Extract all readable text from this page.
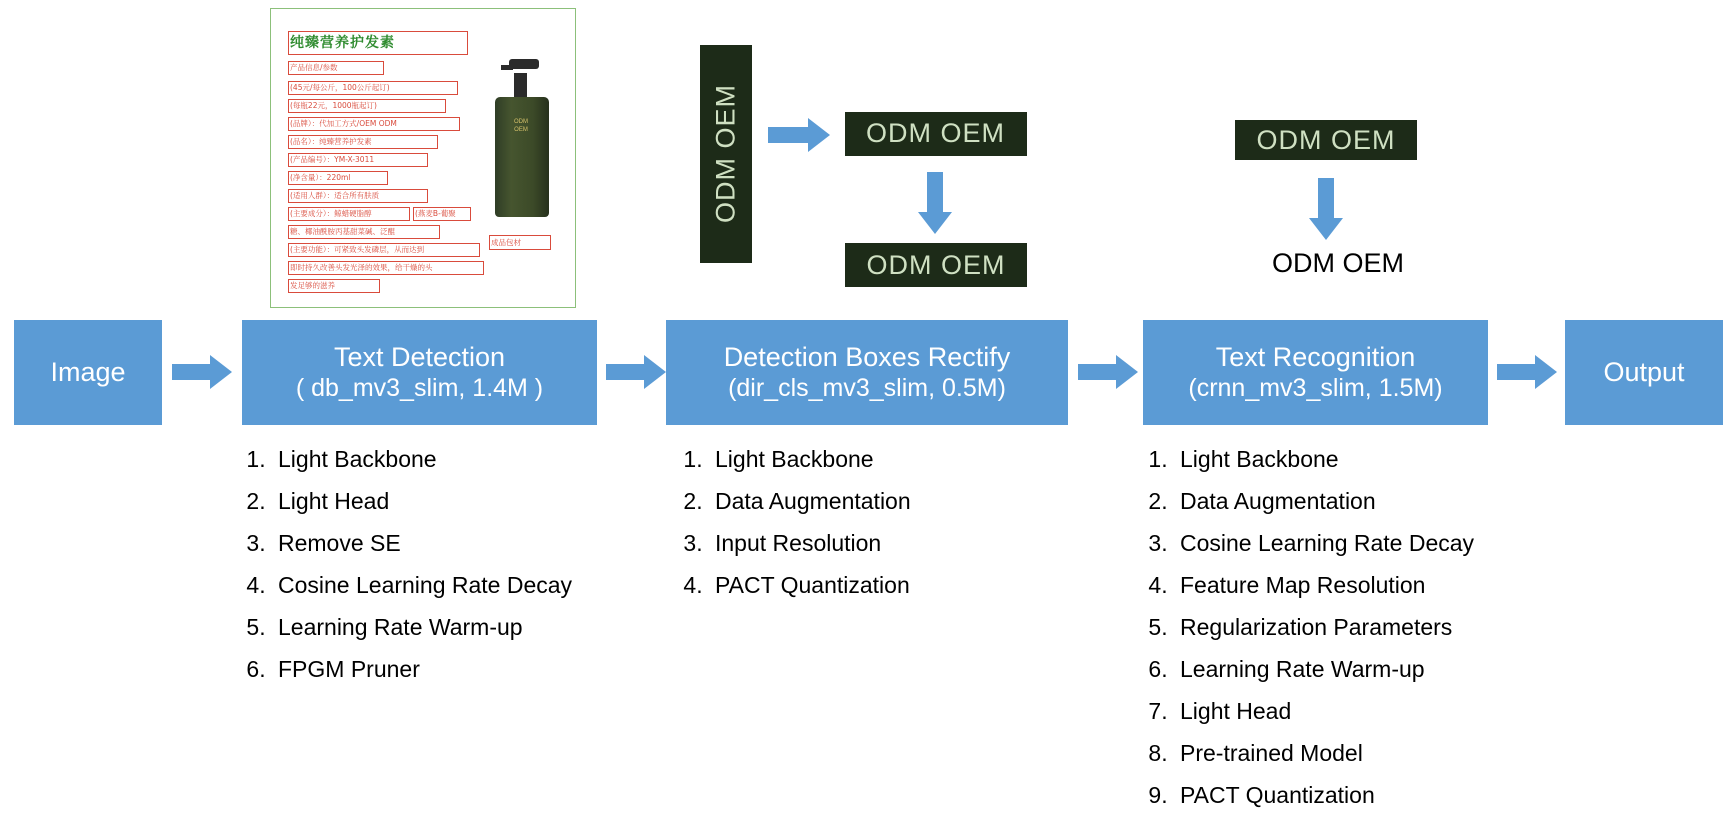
纯臻营养护发素
产品信息/参数
(45元/每公斤，100公斤起订)
(每瓶22元，1000瓶起订)
(品牌）：代加工方式/OEM ODM
(品名）：纯臻营养护发素
(产品编号）：YM-X-3011
(净含量）：220ml
(适用人群）：适合所有肤质
(主要成分）：鲸蜡硬脂醇	(燕麦B-葡聚
糖、椰油酰胺丙基甜菜碱、泛醌
(主要功能）：可紧致头发磷层，从而达到
即时持久改善头发光泽的效果，给干燥的头
发足够的滋养
成品包材
ODM OEM	ODM OEM	ODM OEM
ODM OEM
ODM OEM
ODM OEM
Image	Text Detection
( db_mv3_slim, 1.4M )
Detection Boxes Rectify
(dir_cls_mv3_slim, 0.5M)
Text Recognition
(crnn_mv3_slim, 1.5M)
Output
1. Light Backbone
2. Light Head
3. Remove SE
4. Cosine Learning Rate Decay
5. Learning Rate Warm-up
6. FPGM Pruner
1. Light Backbone
2. Data Augmentation
3. Input Resolution
4. PACT Quantization
1. Light Backbone
2. Data Augmentation
3. Cosine Learning Rate Decay
4. Feature Map Resolution
5. Regularization Parameters
6. Learning Rate Warm-up
7. Light Head
8. Pre-trained Model
9. PACT Quantization
